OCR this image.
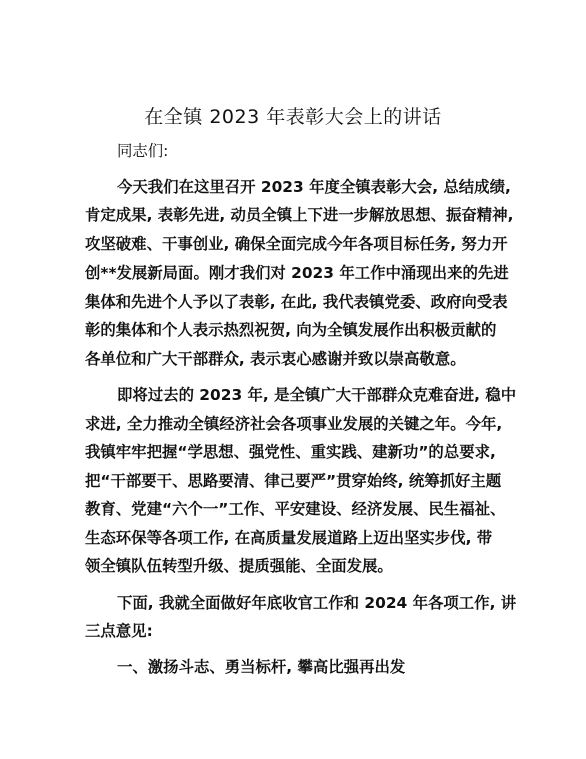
在全镇 2023 年表彰大会上的讲话
同志们:
今天我们在这里召开 2023 年度全镇表彰大会, 总结成绩,
肯定成果, 表彰先进, 动员全镇上下进一步解放思想、振奋精神,
攻坚破难、干事创业, 确保全面完成今年各项目标任务, 努力开
创**发展新局面。刚才我们对 2023 年工作中涌现出来的先进
集体和先进个人予以了表彰, 在此, 我代表镇党委、政府向受表
彰的集体和个人表示热烈祝贺, 向为全镇发展作出积极贡献的
各单位和广大干部群众, 表示衷心感谢并致以崇高敬意。
即将过去的 2023 年, 是全镇广大干部群众克难奋进, 稳中
求进, 全力推动全镇经济社会各项事业发展的关键之年。今年,
我镇牢牢把握“学思想、强党性、重实践、建新功”的总要求,
把“干部要干、思路要清、律己要严”贯穿始终, 统筹抓好主题
教育、党建“六个一”工作、平安建设、经济发展、民生福祉、
生态环保等各项工作, 在高质量发展道路上迈出坚实步伐, 带
领全镇队伍转型升级、提质强能、全面发展。
下面, 我就全面做好年底收官工作和 2024 年各项工作, 讲
三点意见:
一、激扬斗志、勇当标杆, 攀高比强再出发
